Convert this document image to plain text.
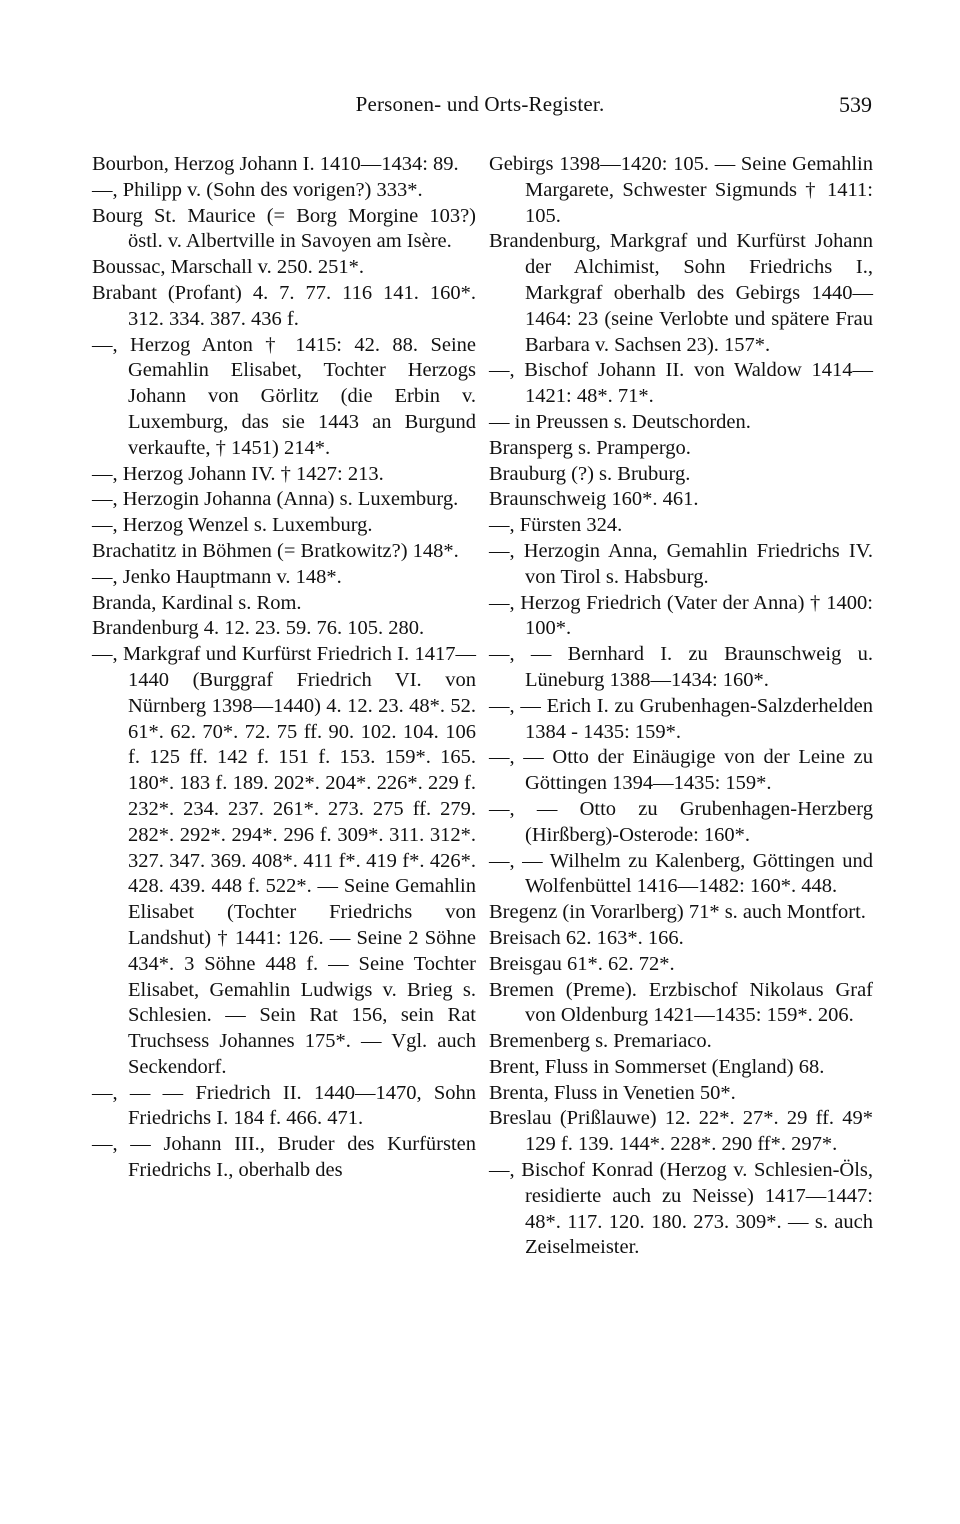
Personen- und Orts-Register.	539

Bourbon, Herzog Johann I. 1410—1434: 89.

—, Philipp v. (Sohn des vorigen?) 333*.

Bourg St. Maurice (= Borg Morgine 103?) östl. v. Albertville in Savoyen am Isère.

Boussac, Marschall v. 250. 251*.

Brabant (Profant) 4. 7. 77. 116 141. 160*. 312. 334. 387. 436 f.

—, Herzog Anton † 1415: 42. 88. Seine Gemahlin Elisabet, Tochter Herzogs Johann von Görlitz (die Erbin v. Luxemburg, das sie 1443 an Burgund verkaufte, † 1451) 214*.

—, Herzog Johann IV. † 1427: 213.

—, Herzogin Johanna (Anna) s. Luxemburg.

—, Herzog Wenzel s. Luxemburg.

Brachatitz in Böhmen (= Bratkowitz?) 148*.

—, Jenko Hauptmann v. 148*.

Branda, Kardinal s. Rom.

Brandenburg 4. 12. 23. 59. 76. 105. 280.

—, Markgraf und Kurfürst Friedrich I. 1417—1440 (Burggraf Friedrich VI. von Nürnberg 1398—1440) 4. 12. 23. 48*. 52. 61*. 62. 70*. 72. 75 ff. 90. 102. 104. 106 f. 125 ff. 142 f. 151 f. 153. 159*. 165. 180*. 183 f. 189. 202*. 204*. 226*. 229 f. 232*. 234. 237. 261*. 273. 275 ff. 279. 282*. 292*. 294*. 296 f. 309*. 311. 312*. 327. 347. 369. 408*. 411 f*. 419 f*. 426*. 428. 439. 448 f. 522*. — Seine Gemahlin Elisabet (Tochter Friedrichs von Landshut) † 1441: 126. — Seine 2 Söhne 434*. 3 Söhne 448 f. — Seine Tochter Elisabet, Gemahlin Ludwigs v. Brieg s. Schlesien. — Sein Rat 156, sein Rat Truchsess Johannes 175*. — Vgl. auch Seckendorf.

—, — — Friedrich II. 1440—1470, Sohn Friedrichs I. 184 f. 466. 471.

—, — Johann III., Bruder des Kurfürsten Friedrichs I., oberhalb des

Gebirgs 1398—1420: 105. — Seine Gemahlin Margarete, Schwester Sigmunds † 1411: 105.

Brandenburg, Markgraf und Kurfürst Johann der Alchimist, Sohn Friedrichs I., Markgraf oberhalb des Gebirgs 1440—1464: 23 (seine Verlobte und spätere Frau Barbara v. Sachsen 23). 157*.

—, Bischof Johann II. von Waldow 1414—1421: 48*. 71*.

— in Preussen s. Deutschorden.

Bransperg s. Prampergo.

Brauburg (?) s. Bruburg.

Braunschweig 160*. 461.

—, Fürsten 324.

—, Herzogin Anna, Gemahlin Friedrichs IV. von Tirol s. Habsburg.

—, Herzog Friedrich (Vater der Anna) † 1400: 100*.

—, — Bernhard I. zu Braunschweig u. Lüneburg 1388—1434: 160*.

—, — Erich I. zu Grubenhagen-Salzderhelden 1384 - 1435: 159*.

—, — Otto der Einäugige von der Leine zu Göttingen 1394—1435: 159*.

—, — Otto zu Grubenhagen-Herzberg (Hirßberg)-Osterode: 160*.

—, — Wilhelm zu Kalenberg, Göttingen und Wolfenbüttel 1416—1482: 160*. 448.

Bregenz (in Vorarlberg) 71* s. auch Montfort.

Breisach 62. 163*. 166.

Breisgau 61*. 62. 72*.

Bremen (Preme). Erzbischof Nikolaus Graf von Oldenburg 1421—1435: 159*. 206.

Bremenberg s. Premariaco.

Brent, Fluss in Sommerset (England) 68.

Brenta, Fluss in Venetien 50*.

Breslau (Prißlauwe) 12. 22*. 27*. 29 ff. 49* 129 f. 139. 144*. 228*. 290 ff*. 297*.

—, Bischof Konrad (Herzog v. Schlesien-Öls, residierte auch zu Neisse) 1417—1447: 48*. 117. 120. 180. 273. 309*. — s. auch Zeiselmeister.
